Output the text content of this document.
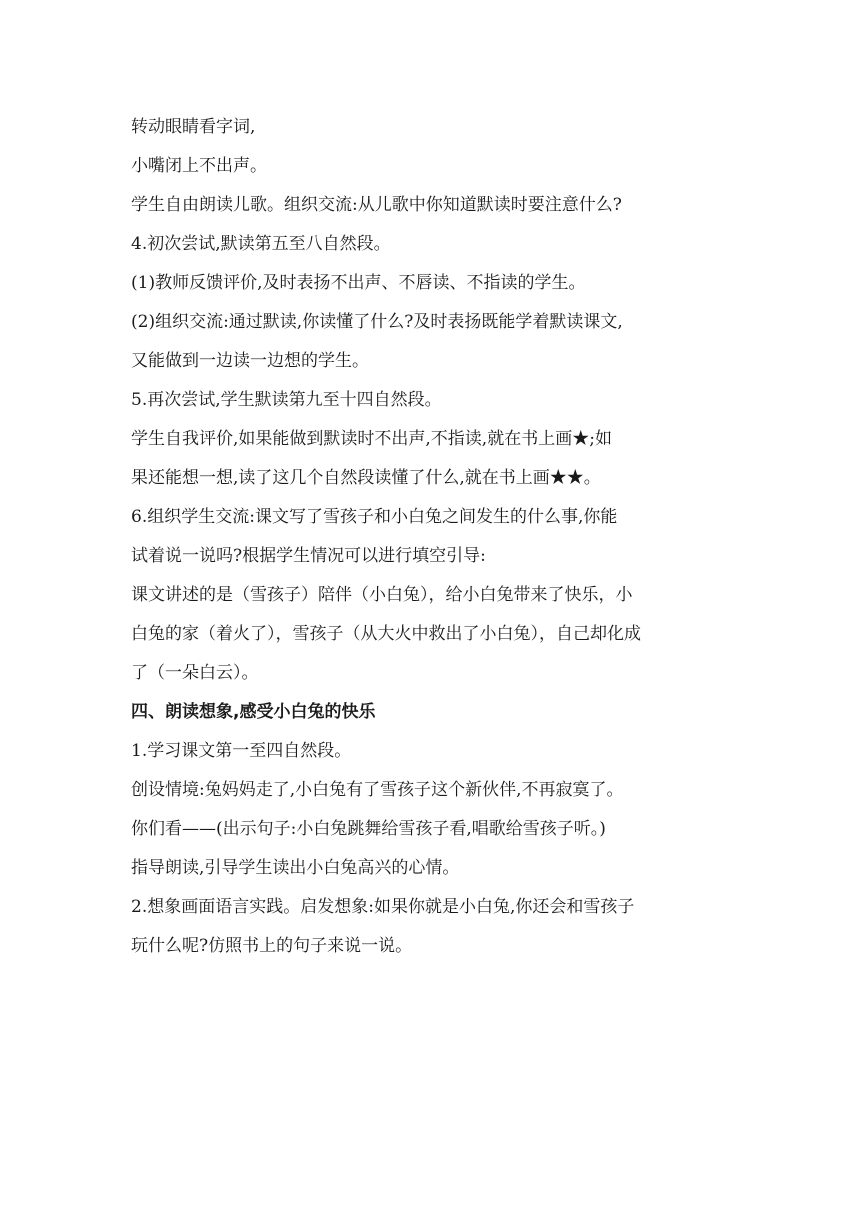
转动眼睛看字词,

小嘴闭上不出声。

学生自由朗读儿歌。组织交流:从儿歌中你知道默读时要注意什么?

4.初次尝试,默读第五至八自然段。

(1)教师反馈评价,及时表扬不出声、不唇读、不指读的学生。

(2)组织交流:通过默读,你读懂了什么?及时表扬既能学着默读课文,

又能做到一边读一边想的学生。

5.再次尝试,学生默读第九至十四自然段。

学生自我评价,如果能做到默读时不出声,不指读,就在书上画★;如

果还能想一想,读了这几个自然段读懂了什么,就在书上画★★。

6.组织学生交流:课文写了雪孩子和小白兔之间发生的什么事,你能

试着说一说吗?根据学生情况可以进行填空引导:

课文讲述的是（雪孩子）陪伴（小白兔），给小白兔带来了快乐，小

白兔的家（着火了），雪孩子（从大火中救出了小白兔），自己却化成

了（一朵白云）。

四、朗读想象,感受小白兔的快乐

1.学习课文第一至四自然段。

创设情境:兔妈妈走了,小白兔有了雪孩子这个新伙伴,不再寂寞了。

你们看——(出示句子:小白兔跳舞给雪孩子看,唱歌给雪孩子听。)

指导朗读,引导学生读出小白兔高兴的心情。

2.想象画面语言实践。启发想象:如果你就是小白兔,你还会和雪孩子

玩什么呢?仿照书上的句子来说一说。
